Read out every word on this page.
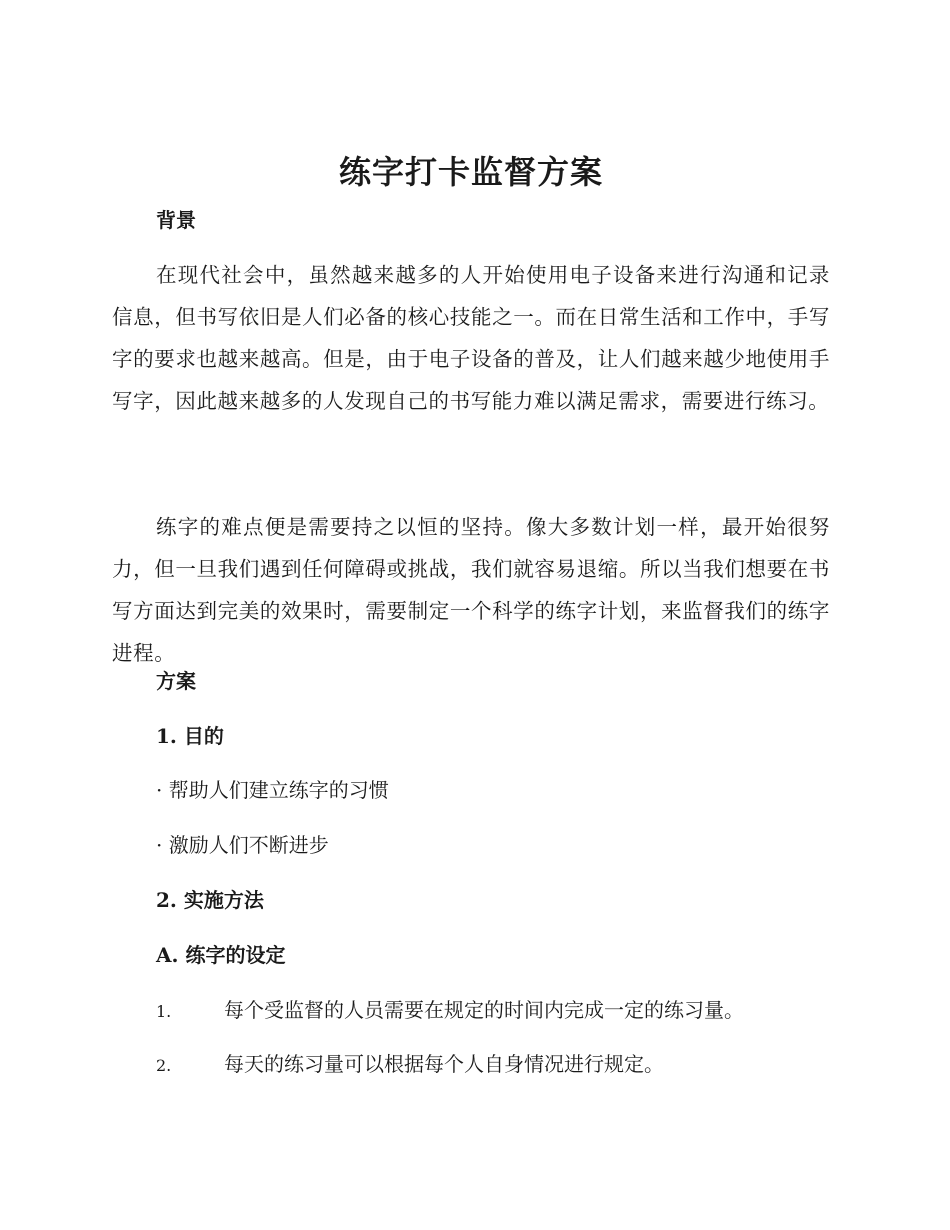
练字打卡监督方案
背景
在现代社会中，虽然越来越多的人开始使用电子设备来进行沟通和记录信息，但书写依旧是人们必备的核心技能之一。而在日常生活和工作中，手写字的要求也越来越高。但是，由于电子设备的普及，让人们越来越少地使用手写字，因此越来越多的人发现自己的书写能力难以满足需求，需要进行练习。
练字的难点便是需要持之以恒的坚持。像大多数计划一样，最开始很努力，但一旦我们遇到任何障碍或挑战，我们就容易退缩。所以当我们想要在书写方面达到完美的效果时，需要制定一个科学的练字计划，来监督我们的练字进程。
方案
1. 目的
· 帮助人们建立练字的习惯
· 激励人们不断进步
2. 实施方法
A. 练字的设定
1.	每个受监督的人员需要在规定的时间内完成一定的练习量。
2.	每天的练习量可以根据每个人自身情况进行规定。
